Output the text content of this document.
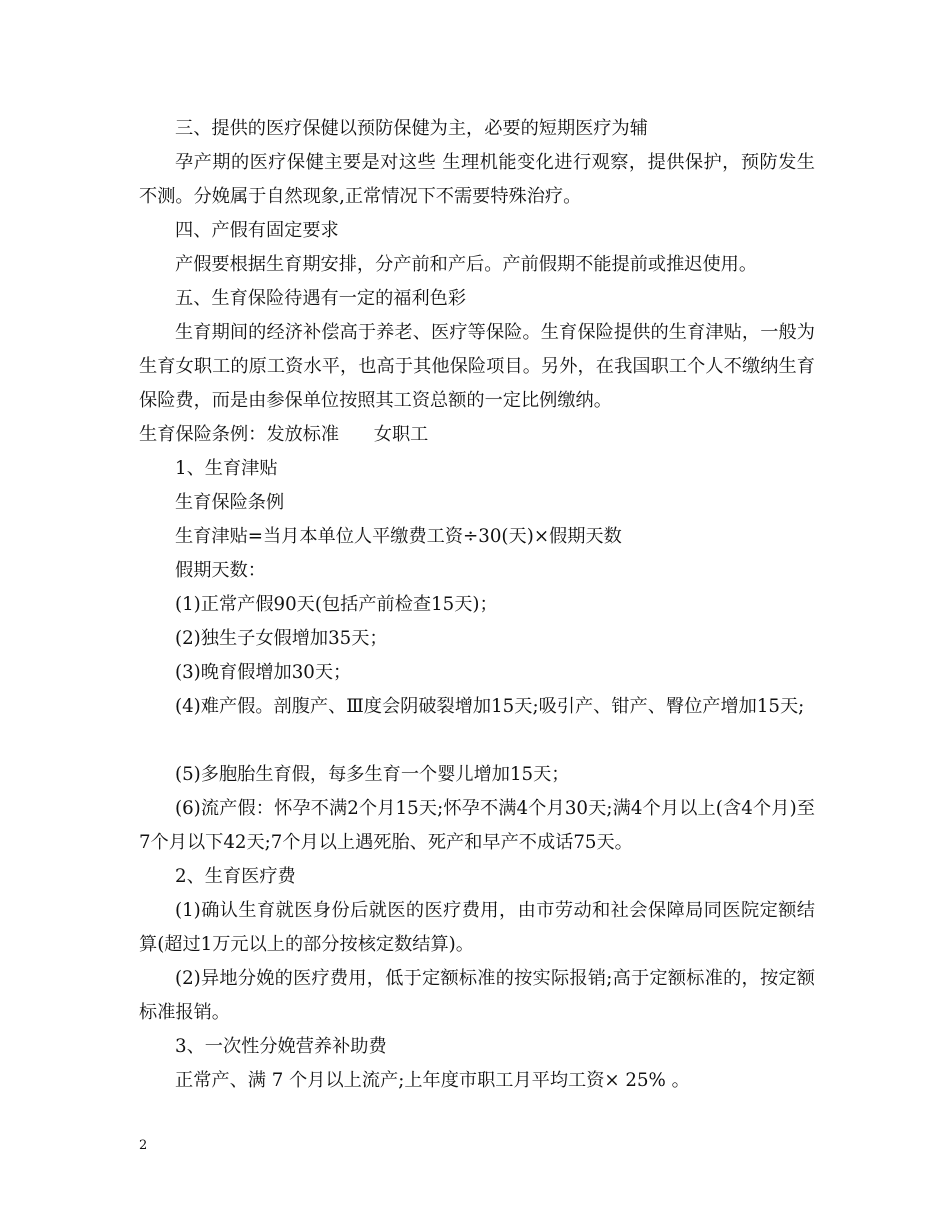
三、提供的医疗保健以预防保健为主，必要的短期医疗为辅

孕产期的医疗保健主要是对这些 生理机能变化进行观察，提供保护，预防发生不测。分娩属于自然现象,正常情况下不需要特殊治疗。

四、产假有固定要求

产假要根据生育期安排，分产前和产后。产前假期不能提前或推迟使用。

五、生育保险待遇有一定的福利色彩

生育期间的经济补偿高于养老、医疗等保险。生育保险提供的生育津贴，一般为生育女职工的原工资水平，也高于其他保险项目。另外，在我国职工个人不缴纳生育保险费，而是由参保单位按照其工资总额的一定比例缴纳。

生育保险条例：发放标准      女职工

1、生育津贴

生育保险条例

生育津贴=当月本单位人平缴费工资÷30(天)×假期天数

假期天数：

(1)正常产假90天(包括产前检查15天)；

(2)独生子女假增加35天；

(3)晚育假增加30天；

(4)难产假。剖腹产、Ⅲ度会阴破裂增加15天;吸引产、钳产、臀位产增加15天;

(5)多胞胎生育假，每多生育一个婴儿增加15天；

(6)流产假：怀孕不满2个月15天;怀孕不满4个月30天;满4个月以上(含4个月)至7个月以下42天;7个月以上遇死胎、死产和早产不成话75天。

2、生育医疗费

(1)确认生育就医身份后就医的医疗费用，由市劳动和社会保障局同医院定额结算(超过1万元以上的部分按核定数结算)。

(2)异地分娩的医疗费用，低于定额标准的按实际报销;高于定额标准的，按定额标准报销。

3、一次性分娩营养补助费

正常产、满 7 个月以上流产;上年度市职工月平均工资× 25% 。

2
